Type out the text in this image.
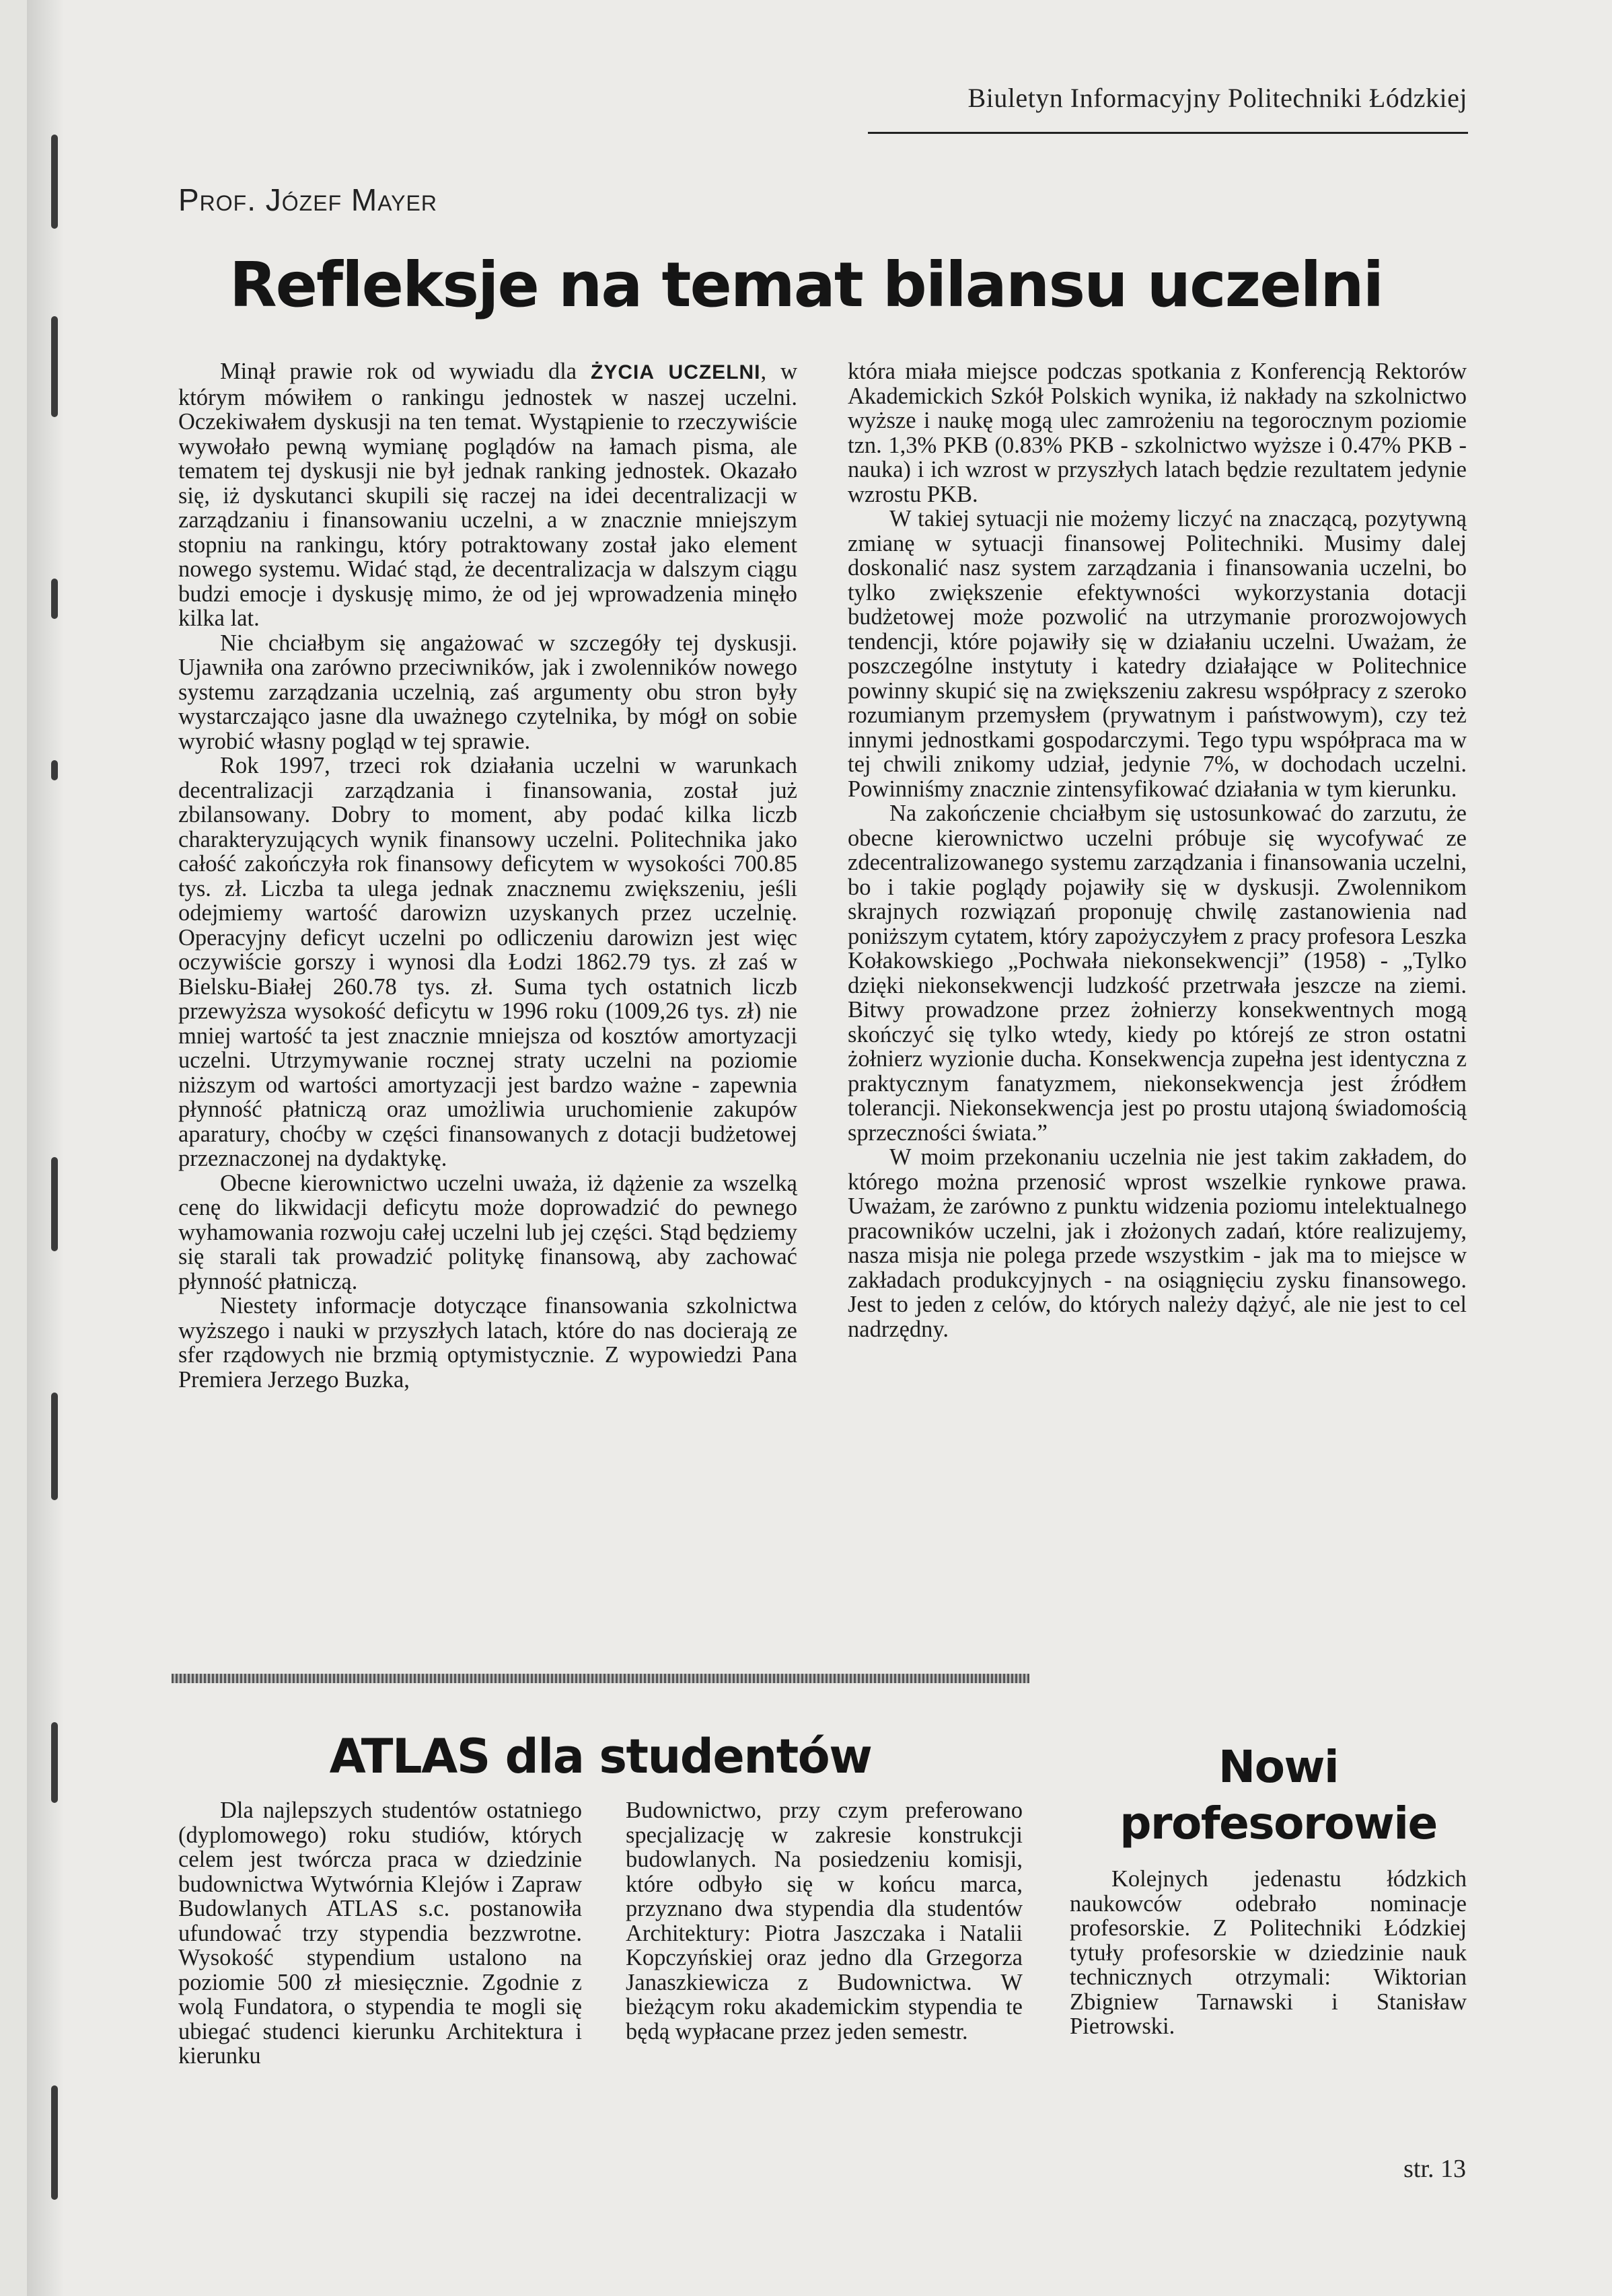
Biuletyn Informacyjny Politechniki Łódzkiej
Prof. Józef Mayer
Refleksje na temat bilansu uczelni

Minął prawie rok od wywiadu dla ŻYCIA UCZELNI, w którym mówiłem o rankingu jednostek w naszej uczelni. Oczekiwałem dyskusji na ten temat. Wystąpienie to rzeczywiście wywołało pewną wymianę poglądów na łamach pisma, ale tematem tej dyskusji nie był jednak ranking jednostek. Okazało się, iż dyskutanci skupili się raczej na idei decentralizacji w zarządzaniu i finansowaniu uczelni, a w znacznie mniejszym stopniu na rankingu, który potraktowany został jako element nowego systemu. Widać stąd, że decentralizacja w dalszym ciągu budzi emocje i dyskusję mimo, że od jej wprowadzenia minęło kilka lat.

Nie chciałbym się angażować w szczegóły tej dyskusji. Ujawniła ona zarówno przeciwników, jak i zwolenników nowego systemu zarządzania uczelnią, zaś argumenty obu stron były wystarczająco jasne dla uważnego czytelnika, by mógł on sobie wyrobić własny pogląd w tej sprawie.

Rok 1997, trzeci rok działania uczelni w warunkach decentralizacji zarządzania i finansowania, został już zbilansowany. Dobry to moment, aby podać kilka liczb charakteryzujących wynik finansowy uczelni. Politechnika jako całość zakończyła rok finansowy deficytem w wysokości 700.85 tys. zł. Liczba ta ulega jednak znacznemu zwiększeniu, jeśli odejmiemy wartość darowizn uzyskanych przez uczelnię. Operacyjny deficyt uczelni po odliczeniu darowizn jest więc oczywiście gorszy i wynosi dla Łodzi 1862.79 tys. zł zaś w Bielsku-Białej 260.78 tys. zł. Suma tych ostatnich liczb przewyższa wysokość deficytu w 1996 roku (1009,26 tys. zł) nie mniej wartość ta jest znacznie mniejsza od kosztów amortyzacji uczelni. Utrzymywanie rocznej straty uczelni na poziomie niższym od wartości amortyzacji jest bardzo ważne - zapewnia płynność płatniczą oraz umożliwia uruchomienie zakupów aparatury, choćby w części finansowanych z dotacji budżetowej przeznaczonej na dydaktykę.

Obecne kierownictwo uczelni uważa, iż dążenie za wszelką cenę do likwidacji deficytu może doprowadzić do pewnego wyhamowania rozwoju całej uczelni lub jej części. Stąd będziemy się starali tak prowadzić politykę finansową, aby zachować płynność płatniczą.

Niestety informacje dotyczące finansowania szkolnictwa wyższego i nauki w przyszłych latach, które do nas docierają ze sfer rządowych nie brzmią optymistycznie. Z wypowiedzi Pana Premiera Jerzego Buzka,

która miała miejsce podczas spotkania z Konferencją Rektorów Akademickich Szkół Polskich wynika, iż nakłady na szkolnictwo wyższe i naukę mogą ulec zamrożeniu na tegorocznym poziomie tzn. 1,3% PKB (0.83% PKB - szkolnictwo wyższe i 0.47% PKB - nauka) i ich wzrost w przyszłych latach będzie rezultatem jedynie wzrostu PKB.

W takiej sytuacji nie możemy liczyć na znaczącą, pozytywną zmianę w sytuacji finansowej Politechniki. Musimy dalej doskonalić nasz system zarządzania i finansowania uczelni, bo tylko zwiększenie efektywności wykorzystania dotacji budżetowej może pozwolić na utrzymanie prorozwojowych tendencji, które pojawiły się w działaniu uczelni. Uważam, że poszczególne instytuty i katedry działające w Politechnice powinny skupić się na zwiększeniu zakresu współpracy z szeroko rozumianym przemysłem (prywatnym i państwowym), czy też innymi jednostkami gospodarczymi. Tego typu współpraca ma w tej chwili znikomy udział, jedynie 7%, w dochodach uczelni. Powinniśmy znacznie zintensyfikować działania w tym kierunku.

Na zakończenie chciałbym się ustosunkować do zarzutu, że obecne kierownictwo uczelni próbuje się wycofywać ze zdecentralizowanego systemu zarządzania i finansowania uczelni, bo i takie poglądy pojawiły się w dyskusji. Zwolennikom skrajnych rozwiązań proponuję chwilę zastanowienia nad poniższym cytatem, który zapożyczyłem z pracy profesora Leszka Kołakowskiego „Pochwała niekonsekwencji” (1958) - „Tylko dzięki niekonsekwencji ludzkość przetrwała jeszcze na ziemi. Bitwy prowadzone przez żołnierzy konsekwentnych mogą skończyć się tylko wtedy, kiedy po którejś ze stron ostatni żołnierz wyzionie ducha. Konsekwencja zupełna jest identyczna z praktycznym fanatyzmem, niekonsekwencja jest źródłem tolerancji. Niekonsekwencja jest po prostu utajoną świadomością sprzeczności świata.”

W moim przekonaniu uczelnia nie jest takim zakładem, do którego można przenosić wprost wszelkie rynkowe prawa. Uważam, że zarówno z punktu widzenia poziomu intelektualnego pracowników uczelni, jak i złożonych zadań, które realizujemy, nasza misja nie polega przede wszystkim - jak ma to miejsce w zakładach produkcyjnych - na osiągnięciu zysku finansowego. Jest to jeden z celów, do których należy dążyć, ale nie jest to cel nadrzędny.

ATLAS dla studentów

Dla najlepszych studentów ostatniego (dyplomowego) roku studiów, których celem jest twórcza praca w dziedzinie budownictwa Wytwórnia Klejów i Zapraw Budowlanych ATLAS s.c. postanowiła ufundować trzy stypendia bezzwrotne. Wysokość stypendium ustalono na poziomie 500 zł miesięcznie. Zgodnie z wolą Fundatora, o stypendia te mogli się ubiegać studenci kierunku Architektura i kierunku

Budownictwo, przy czym preferowano specjalizację w zakresie konstrukcji budowlanych. Na posiedzeniu komisji, które odbyło się w końcu marca, przyznano dwa stypendia dla studentów Architektury: Piotra Jaszczaka i Natalii Kopczyńskiej oraz jedno dla Grzegorza Janaszkiewicza z Budownictwa. W bieżącym roku akademickim stypendia te będą wypłacane przez jeden semestr.

Nowi
profesorowie

Kolejnych jedenastu łódzkich naukowców odebrało nominacje profesorskie. Z Politechniki Łódzkiej tytuły profesorskie w dziedzinie nauk technicznych otrzymali: Wiktorian Zbigniew Tarnawski i Stanisław Pietrowski.

str. 13
